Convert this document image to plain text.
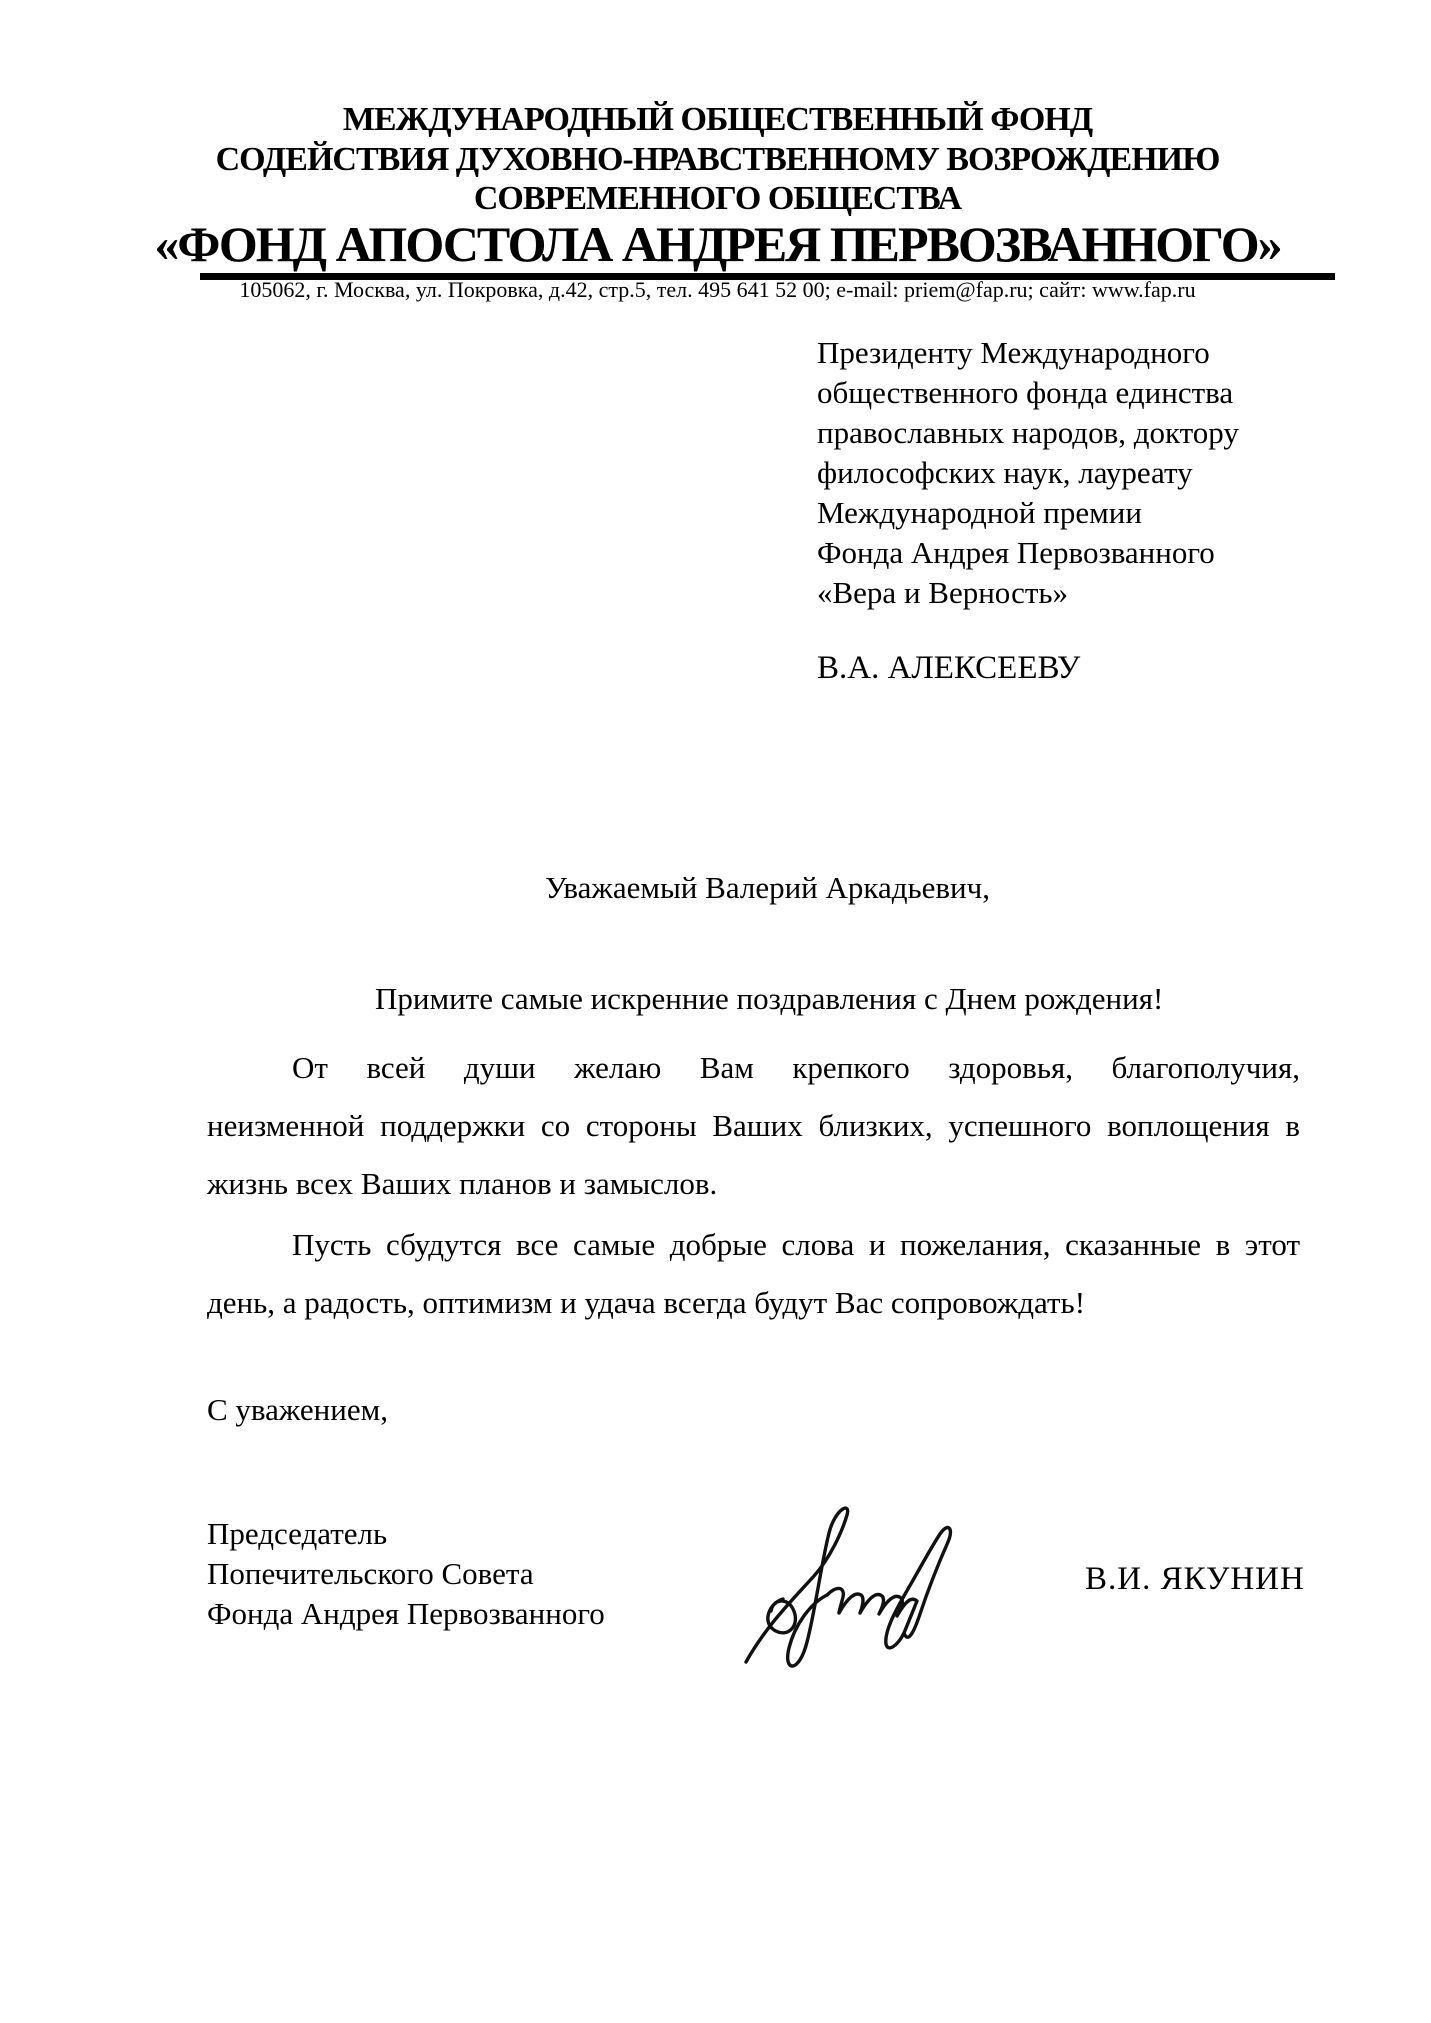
МЕЖДУНАРОДНЫЙ ОБЩЕСТВЕННЫЙ ФОНД
СОДЕЙСТВИЯ ДУХОВНО-НРАВСТВЕННОМУ ВОЗРОЖДЕНИЮ
СОВРЕМЕННОГО ОБЩЕСТВА
«ФОНД АПОСТОЛА АНДРЕЯ ПЕРВОЗВАННОГО»
105062, г. Москва, ул. Покровка, д.42, стр.5, тел. 495 641 52 00; e-mail: priem@fap.ru; сайт: www.fap.ru
Президенту Международного
общественного фонда единства
православных народов, доктору
философских наук, лауреату
Международной премии
Фонда Андрея Первозванного
«Вера и Верность»
В.А. АЛЕКСЕЕВУ
Уважаемый Валерий Аркадьевич,
Примите самые искренние поздравления с Днем рождения!
От всей души желаю Вам крепкого здоровья, благополучия,
неизменной поддержки со стороны Ваших близких, успешного воплощения в
жизнь всех Ваших планов и замыслов.
Пусть сбудутся все самые добрые слова и пожелания, сказанные в этот
день, а радость, оптимизм и удача всегда будут Вас сопровождать!
С уважением,
Председатель
Попечительского Совета
Фонда Андрея Первозванного
В.И. ЯКУНИН
